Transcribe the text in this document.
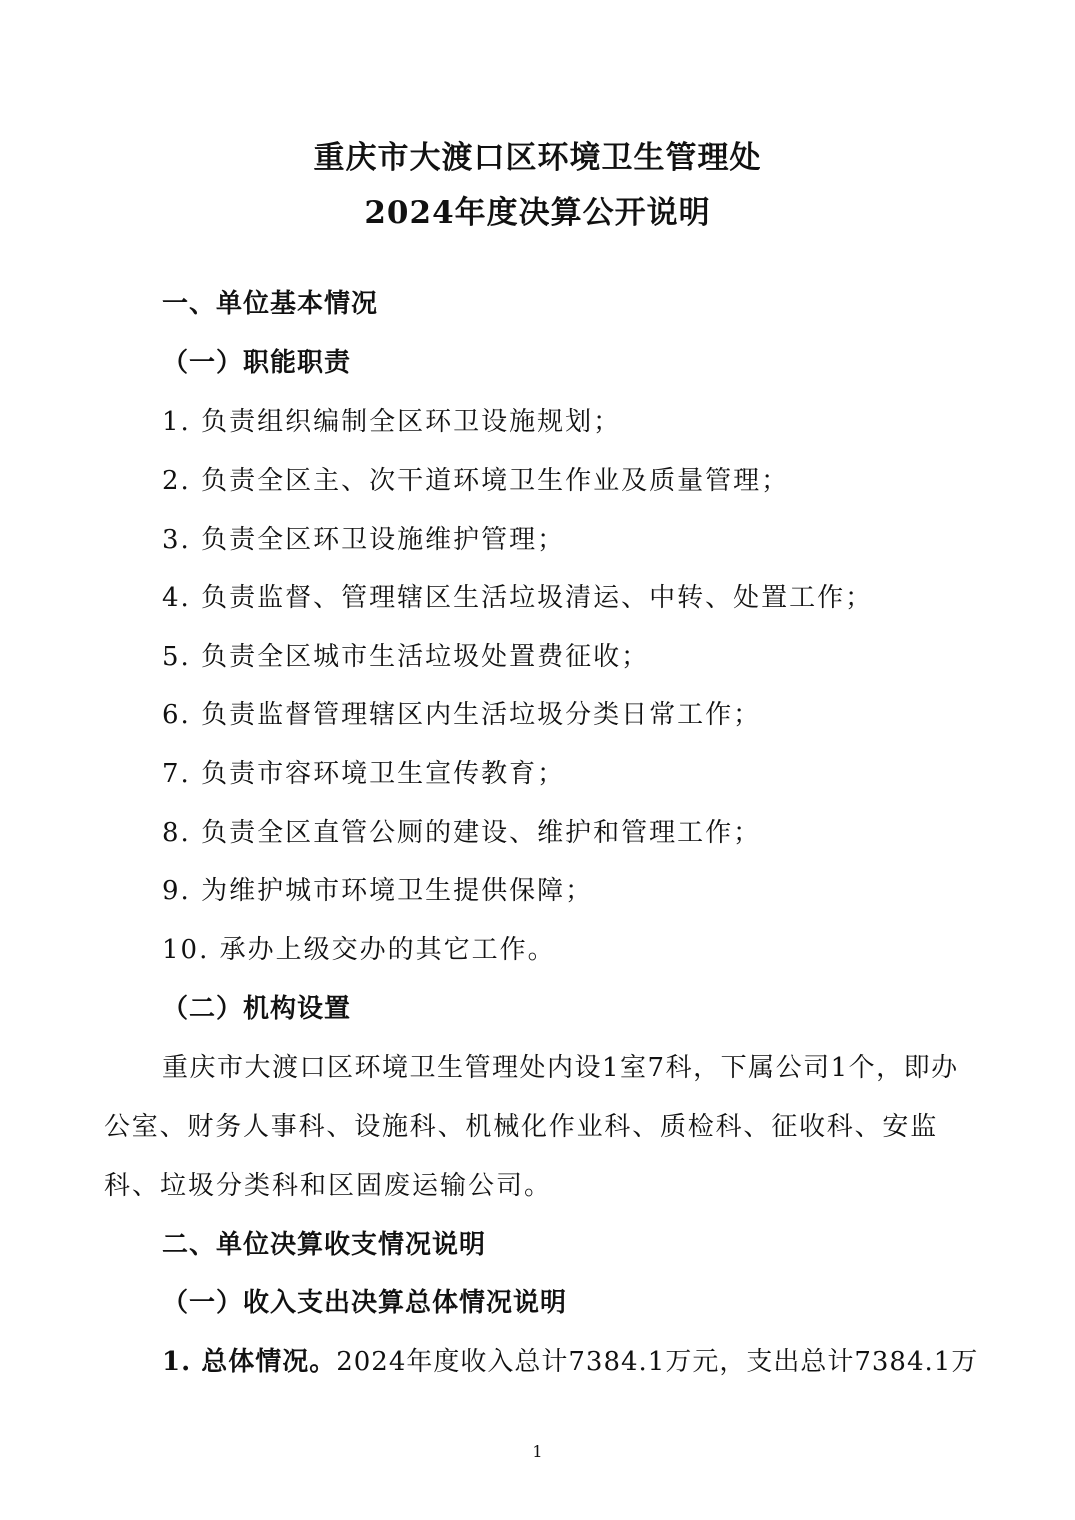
重庆市大渡口区环境卫生管理处
2024年度决算公开说明
一、单位基本情况
（一）职能职责
1. 负责组织编制全区环卫设施规划；
2. 负责全区主、次干道环境卫生作业及质量管理；
3. 负责全区环卫设施维护管理；
4. 负责监督、管理辖区生活垃圾清运、中转、处置工作；
5. 负责全区城市生活垃圾处置费征收；
6. 负责监督管理辖区内生活垃圾分类日常工作；
7. 负责市容环境卫生宣传教育；
8. 负责全区直管公厕的建设、维护和管理工作；
9. 为维护城市环境卫生提供保障；
10. 承办上级交办的其它工作。
（二）机构设置
重庆市大渡口区环境卫生管理处内设1室7科，下属公司1个，即办
公室、财务人事科、设施科、机械化作业科、质检科、征收科、安监
科、垃圾分类科和区固废运输公司。
二、单位决算收支情况说明
（一）收入支出决算总体情况说明
1. 总体情况。2024年度收入总计7384.1万元，支出总计7384.1万
1
